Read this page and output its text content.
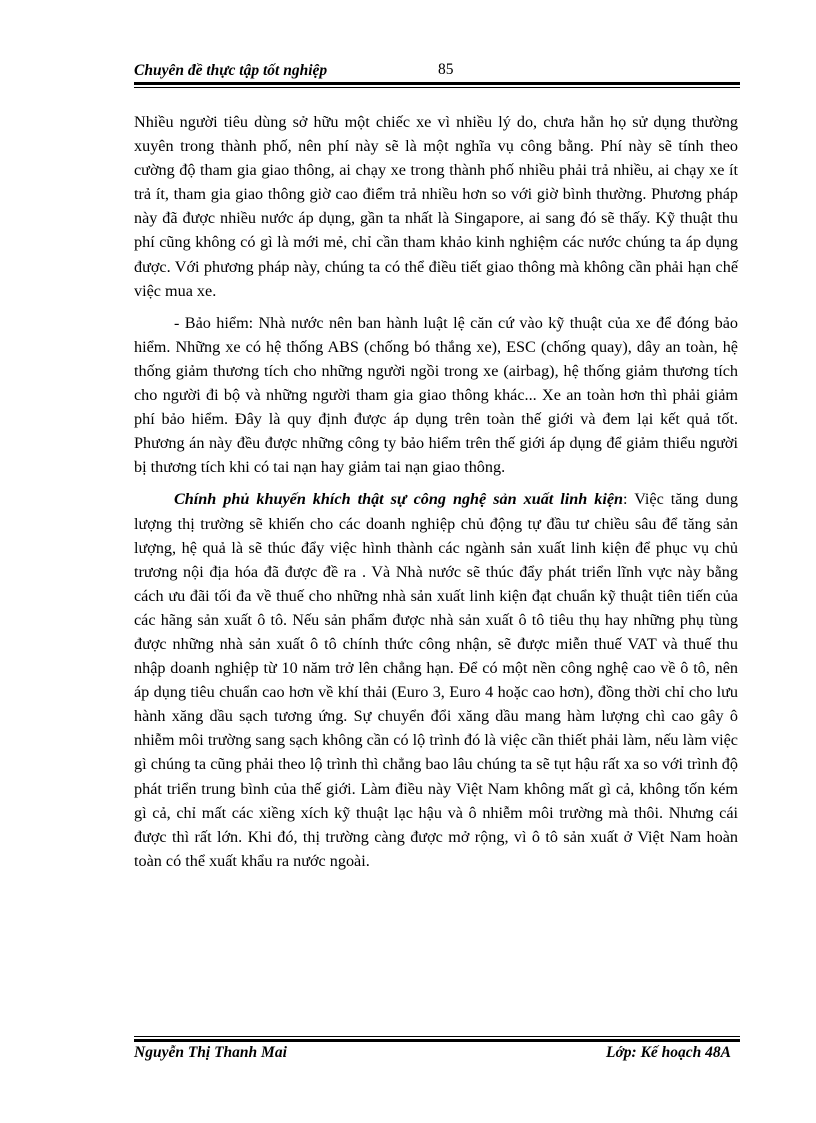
Chuyên đề thực tập tốt nghiệp	85

Nhiều người tiêu dùng sở hữu một chiếc xe vì nhiều lý do, chưa hẳn họ sử dụng thường xuyên trong thành phố, nên phí này sẽ là một nghĩa vụ công bằng. Phí này sẽ tính theo cường độ tham gia giao thông, ai chạy xe trong thành phố nhiều phải trả nhiều, ai chạy xe ít trả ít, tham gia giao thông giờ cao điểm trả nhiều hơn so với giờ bình thường. Phương pháp này đã được nhiều nước áp dụng, gần ta nhất là Singapore, ai sang đó sẽ thấy. Kỹ thuật thu phí cũng không có gì là mới mẻ, chỉ cần tham khảo kinh nghiệm các nước chúng ta áp dụng được. Với phương pháp này, chúng ta có thể điều tiết giao thông mà không cần phải hạn chế việc mua xe.

- Bảo hiểm: Nhà nước nên ban hành luật lệ căn cứ vào kỹ thuật của xe để đóng bảo hiểm. Những xe có hệ thống ABS (chống bó thắng xe), ESC (chống quay), dây an toàn, hệ thống giảm thương tích cho những người ngồi trong xe (airbag), hệ thống giảm thương tích cho người đi bộ và những người tham gia giao thông khác... Xe an toàn hơn thì phải giảm phí bảo hiểm. Đây là quy định được áp dụng trên toàn thế giới và đem lại kết quả tốt. Phương án này đều được những công ty bảo hiểm trên thế giới áp dụng để giảm thiểu người bị thương tích khi có tai nạn hay giảm tai nạn giao thông.

Chính phủ khuyến khích thật sự công nghệ sản xuất linh kiện: Việc tăng dung lượng thị trường sẽ khiến cho các doanh nghiệp chủ động tự đầu tư chiều sâu để tăng sản lượng, hệ quả là sẽ thúc đẩy việc hình thành các ngành sản xuất linh kiện để phục vụ chủ trương nội địa hóa đã được đề ra . Và Nhà nước sẽ thúc đẩy phát triển lĩnh vực này bằng cách ưu đãi tối đa về thuế cho những nhà sản xuất linh kiện đạt chuẩn kỹ thuật tiên tiến của các hãng sản xuất ô tô. Nếu sản phẩm được nhà sản xuất ô tô tiêu thụ hay những phụ tùng được những nhà sản xuất ô tô chính thức công nhận, sẽ được miễn thuế VAT và thuế thu nhập doanh nghiệp từ 10 năm trở lên chẳng hạn. Để có một nền công nghệ cao về ô tô, nên áp dụng tiêu chuẩn cao hơn về khí thải (Euro 3, Euro 4 hoặc cao hơn), đồng thời chỉ cho lưu hành xăng dầu sạch tương ứng. Sự chuyển đổi xăng dầu mang hàm lượng chì cao gây ô nhiễm môi trường sang sạch không cần có lộ trình đó là việc cần thiết phải làm, nếu làm việc gì chúng ta cũng phải theo lộ trình thì chẳng bao lâu chúng ta sẽ tụt hậu rất xa so với trình độ phát triển trung bình của thế giới. Làm điều này Việt Nam không mất gì cả, không tốn kém gì cả, chỉ mất các xiềng xích kỹ thuật lạc hậu và ô nhiễm môi trường mà thôi. Nhưng cái được thì rất lớn. Khi đó, thị trường càng được mở rộng, vì ô tô sản xuất ở Việt Nam hoàn toàn có thể xuất khẩu ra nước ngoài.

Nguyễn Thị Thanh Mai	Lớp: Kế hoạch 48A
